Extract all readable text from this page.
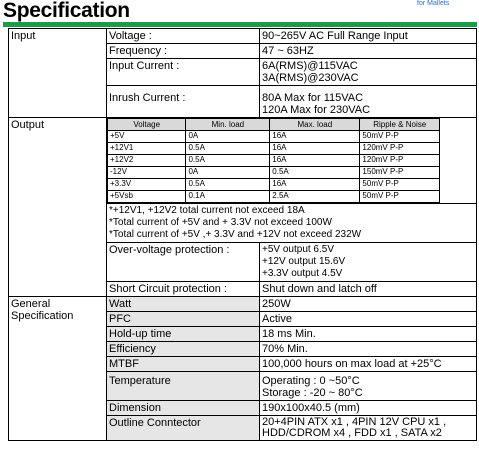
Specification	for Mallets
Input	Voltage :	90~265V AC Full Range Input
Frequency :	47 ~ 63HZ
Input Current :	6A(RMS)@115VAC
3A(RMS)@230VAC

Inrush Current :	80A Max for 115VAC
120A Max for 230VAC

Output		Voltage	Min. load	Max. load	Ripple & Noise
+5V	0A	16A	50mV P-P
+12V1	0.5A	16A	120mV P-P
+12V2	0.5A	16A	120mV P-P
-12V	0A	0.5A	150mV P-P
+3.3V	0.5A	16A	50mV P-P
+5Vsb	0.1A	2.5A	50mV P-P

*+12V1, +12V2 total current not exceed 18A
*Total current of +5V and + 3.3V not exceed 100W
*Total current of +5V ,+ 3.3V and +12V not exceed 232W

Over-voltage protection :	+5V output 6.5V
+12V output 15.6V
+3.3V output 4.5V

Short Circuit protection :	Shut down and latch off

General
Specification
	Watt	250W
PFC	Active
Hold-up time	18 ms Min.
Efficiency	70% Min.
MTBF	100,000 hours on max load at +25°C
Temperature	Operating : 0 ~50°C
Storage : -20 ~ 80°C

Dimension	190x100x40.5 (mm)
Outline Conntector	20+4PIN ATX x1 , 4PIN 12V CPU x1 ,
HDD/CDROM x4 , FDD x1 , SATA x2
